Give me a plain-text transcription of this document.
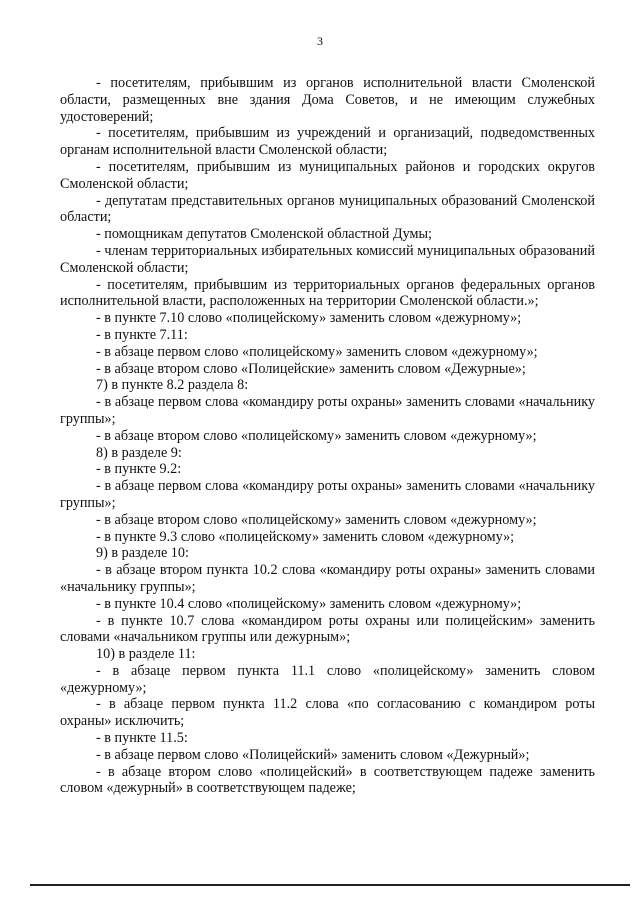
3

- посетителям, прибывшим из органов исполнительной власти Смоленской области, размещенных вне здания Дома Советов, и не имеющим служебных удостоверений;

- посетителям, прибывшим из учреждений и организаций, подведомственных органам исполнительной власти Смоленской области;

- посетителям, прибывшим из муниципальных районов и городских округов Смоленской области;

- депутатам представительных органов муниципальных образований Смоленской области;

- помощникам депутатов Смоленской областной Думы;

- членам территориальных избирательных комиссий муниципальных образований Смоленской области;

- посетителям, прибывшим из территориальных органов федеральных органов исполнительной власти, расположенных на территории Смоленской области.»;

- в пункте 7.10 слово «полицейскому» заменить словом «дежурному»;

- в пункте 7.11:

- в абзаце первом слово «полицейскому» заменить словом «дежурному»;

- в абзаце втором слово «Полицейские» заменить словом «Дежурные»;

7) в пункте 8.2 раздела 8:

- в абзаце первом слова «командиру роты охраны» заменить словами «начальнику группы»;

- в абзаце втором слово «полицейскому» заменить словом «дежурному»;

8) в разделе 9:

- в пункте 9.2:

- в абзаце первом слова «командиру роты охраны» заменить словами «начальнику группы»;

- в абзаце втором слово «полицейскому» заменить словом «дежурному»;

- в пункте 9.3 слово «полицейскому» заменить словом «дежурному»;

9) в разделе 10:

- в абзаце втором пункта 10.2 слова «командиру роты охраны» заменить словами «начальнику группы»;

- в пункте 10.4 слово «полицейскому» заменить словом «дежурному»;

- в пункте 10.7 слова «командиром роты охраны или полицейским» заменить словами «начальником группы или дежурным»;

10) в разделе 11:

- в абзаце первом пункта 11.1 слово «полицейскому» заменить словом «дежурному»;

- в абзаце первом пункта 11.2 слова «по согласованию с командиром роты охраны» исключить;

- в пункте 11.5:

- в абзаце первом слово «Полицейский» заменить словом «Дежурный»;

- в абзаце втором слово «полицейский» в соответствующем падеже заменить словом «дежурный» в соответствующем падеже;
